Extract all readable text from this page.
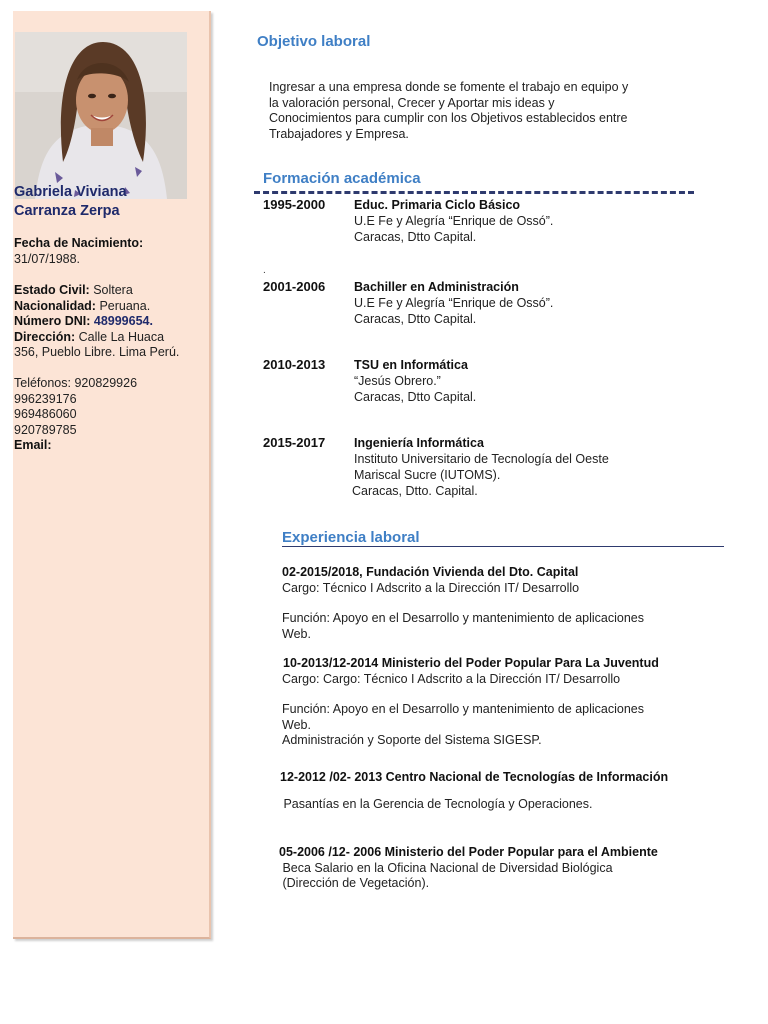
Gabriela Viviana
Carranza Zerpa
Fecha de Nacimiento:
31/07/1988.
Estado Civil: Soltera
Nacionalidad: Peruana.
Número DNI: 48999654.
Dirección: Calle La Huaca
356, Pueblo Libre. Lima Perú.
Teléfonos: 920829926
996239176
969486060
920789785
Email:
Objetivo laboral
Ingresar a una empresa donde se fomente el trabajo en equipo y
la valoración personal, Crecer y Aportar mis ideas y
Conocimientos para cumplir con los Objetivos establecidos entre
Trabajadores y Empresa.
Formación académica
1995-2000 Educ. Primaria Ciclo Básico
U.E Fe y Alegría “Enrique de Ossó”.
Caracas, Dtto Capital.
.
2001-2006 Bachiller en Administración
U.E Fe y Alegría “Enrique de Ossó”.
Caracas, Dtto Capital.
2010-2013 TSU en Informática
“Jesús Obrero.”
Caracas, Dtto Capital.
2015-2017 Ingeniería Informática
Instituto Universitario de Tecnología del Oeste
Mariscal Sucre (IUTOMS).
Caracas, Dtto. Capital.
Experiencia laboral
02-2015/2018, Fundación Vivienda del Dto. Capital
Cargo: Técnico I Adscrito a la Dirección IT/ Desarrollo
Función: Apoyo en el Desarrollo y mantenimiento de aplicaciones
Web.
10-2013/12-2014 Ministerio del Poder Popular Para La Juventud
Cargo: Cargo: Técnico I Adscrito a la Dirección IT/ Desarrollo
Función: Apoyo en el Desarrollo y mantenimiento de aplicaciones
Web.
Administración y Soporte del Sistema SIGESP.
12-2012 /02- 2013 Centro Nacional de Tecnologías de Información
Pasantías en la Gerencia de Tecnología y Operaciones.
05-2006 /12- 2006 Ministerio del Poder Popular para el Ambiente
Beca Salario en la Oficina Nacional de Diversidad Biológica
(Dirección de Vegetación).
